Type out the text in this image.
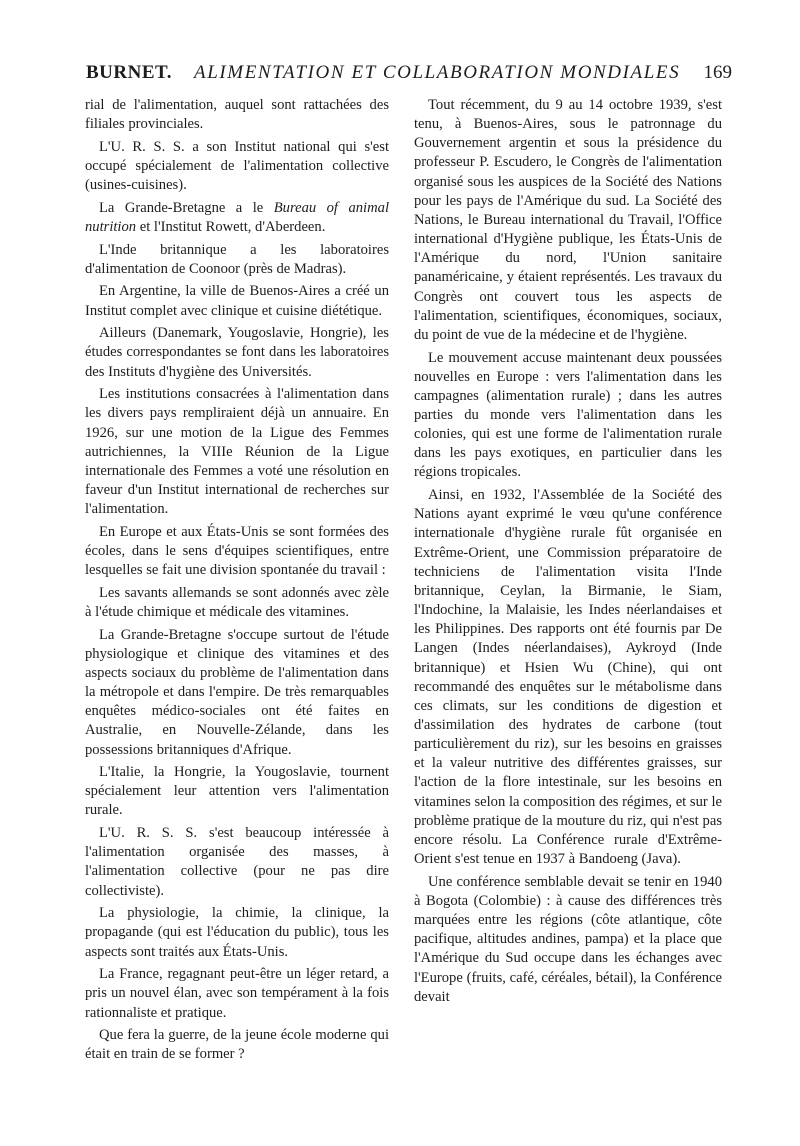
BURNET. ALIMENTATION ET COLLABORATION MONDIALES 169

rial de l'alimentation, auquel sont rattachées des filiales provinciales.

L'U. R. S. S. a son Institut national qui s'est occupé spécialement de l'alimentation collective (usines-cuisines).

La Grande-Bretagne a le Bureau of animal nutrition et l'Institut Rowett, d'Aberdeen.

L'Inde britannique a les laboratoires d'alimentation de Coonoor (près de Madras).

En Argentine, la ville de Buenos-Aires a créé un Institut complet avec clinique et cuisine diététique.

Ailleurs (Danemark, Yougoslavie, Hongrie), les études correspondantes se font dans les laboratoires des Instituts d'hygiène des Universités.

Les institutions consacrées à l'alimentation dans les divers pays rempliraient déjà un annuaire. En 1926, sur une motion de la Ligue des Femmes autrichiennes, la VIIIe Réunion de la Ligue internationale des Femmes a voté une résolution en faveur d'un Institut international de recherches sur l'alimentation.

En Europe et aux États-Unis se sont formées des écoles, dans le sens d'équipes scientifiques, entre lesquelles se fait une division spontanée du travail :

Les savants allemands se sont adonnés avec zèle à l'étude chimique et médicale des vitamines.

La Grande-Bretagne s'occupe surtout de l'étude physiologique et clinique des vitamines et des aspects sociaux du problème de l'alimentation dans la métropole et dans l'empire. De très remarquables enquêtes médico-sociales ont été faites en Australie, en Nouvelle-Zélande, dans les possessions britanniques d'Afrique.

L'Italie, la Hongrie, la Yougoslavie, tournent spécialement leur attention vers l'alimentation rurale.

L'U. R. S. S. s'est beaucoup intéressée à l'alimentation organisée des masses, à l'alimentation collective (pour ne pas dire collectiviste).

La physiologie, la chimie, la clinique, la propagande (qui est l'éducation du public), tous les aspects sont traités aux États-Unis.

La France, regagnant peut-être un léger retard, a pris un nouvel élan, avec son tempérament à la fois rationnaliste et pratique.

Que fera la guerre, de la jeune école moderne qui était en train de se former ?

Tout récemment, du 9 au 14 octobre 1939, s'est tenu, à Buenos-Aires, sous le patronnage du Gouvernement argentin et sous la présidence du professeur P. Escudero, le Congrès de l'alimentation organisé sous les auspices de la Société des Nations pour les pays de l'Amérique du sud. La Société des Nations, le Bureau international du Travail, l'Office international d'Hygiène publique, les États-Unis de l'Amérique du nord, l'Union sanitaire panaméricaine, y étaient représentés. Les travaux du Congrès ont couvert tous les aspects de l'alimentation, scientifiques, économiques, sociaux, du point de vue de la médecine et de l'hygiène.

Le mouvement accuse maintenant deux poussées nouvelles en Europe : vers l'alimentation dans les campagnes (alimentation rurale) ; dans les autres parties du monde vers l'alimentation dans les colonies, qui est une forme de l'alimentation rurale dans les pays exotiques, en particulier dans les régions tropicales.

Ainsi, en 1932, l'Assemblée de la Société des Nations ayant exprimé le vœu qu'une conférence internationale d'hygiène rurale fût organisée en Extrême-Orient, une Commission préparatoire de techniciens de l'alimentation visita l'Inde britannique, Ceylan, la Birmanie, le Siam, l'Indochine, la Malaisie, les Indes néerlandaises et les Philippines. Des rapports ont été fournis par De Langen (Indes néerlandaises), Aykroyd (Inde britannique) et Hsien Wu (Chine), qui ont recommandé des enquêtes sur le métabolisme dans ces climats, sur les conditions de digestion et d'assimilation des hydrates de carbone (tout particulièrement du riz), sur les besoins en graisses et la valeur nutritive des différentes graisses, sur l'action de la flore intestinale, sur les besoins en vitamines selon la composition des régimes, et sur le problème pratique de la mouture du riz, qui n'est pas encore résolu. La Conférence rurale d'Extrême-Orient s'est tenue en 1937 à Bandoeng (Java).

Une conférence semblable devait se tenir en 1940 à Bogota (Colombie) : à cause des différences très marquées entre les régions (côte atlantique, côte pacifique, altitudes andines, pampa) et la place que l'Amérique du Sud occupe dans les échanges avec l'Europe (fruits, café, céréales, bétail), la Conférence devait
